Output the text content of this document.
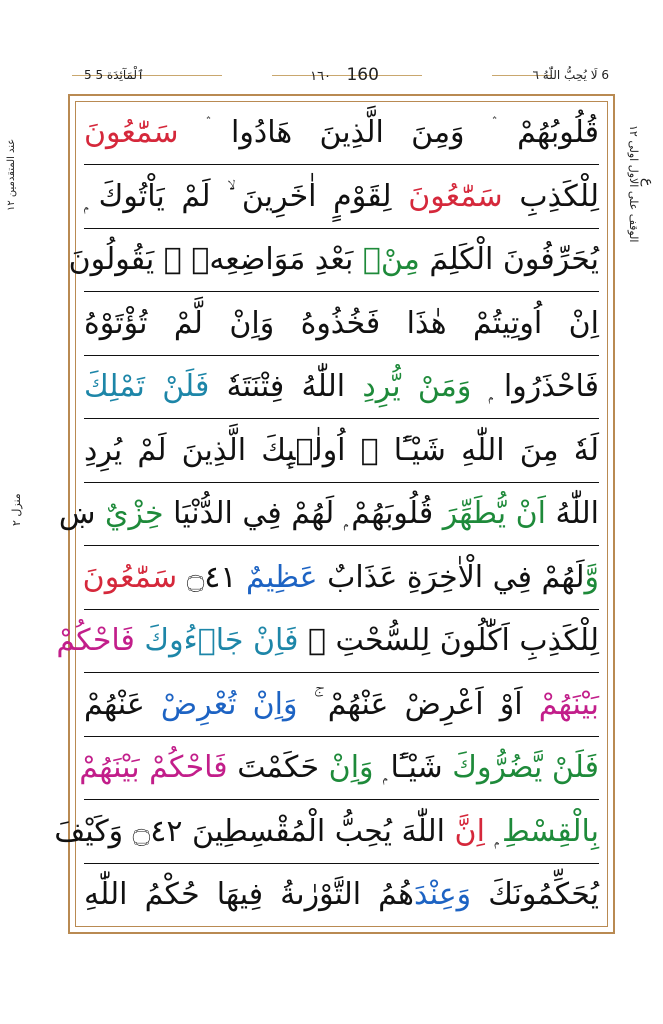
5 ٱلْمَآئِدَة 5	١٦٠ 160	6 لَا يُحِبُّ اللّٰهُ ٦
ع
الوقف على الاول اولى ١٢
عند المتقدمين ١٢
منزل ٢
قُلُوبُهُمْ ۛ وَمِنَ الَّذِينَ هَادُوا ۛ سَمّٰعُونَ
لِلْكَذِبِ سَمّٰعُونَ لِقَوْمٍ اٰخَرِينَ ۙ لَمْ يَاْتُوكَ ۭ
يُحَرِّفُونَ الْكَلِمَ مِنْۢ بَعْدِ مَوَاضِعِهٖ ۚ يَقُولُونَ
اِنْ اُوتِيتُمْ هٰذَا فَخُذُوهُ وَاِنْ لَّمْ تُؤْتَوْهُ
فَاحْذَرُوا ۭ وَمَنْ يُّرِدِ اللّٰهُ فِتْنَتَهٗ فَلَنْ تَمْلِكَ
لَهٗ مِنَ اللّٰهِ شَيْـًٔا ۭ اُولٰۗىِٕكَ الَّذِينَ لَمْ يُرِدِ
اللّٰهُ اَنْ يُّطَهِّرَ قُلُوبَهُمْ ۭ لَهُمْ فِي الدُّنْيَا خِزْيٌ ښ
وَّلَهُمْ فِي الْاٰخِرَةِ عَذَابٌ عَظِيمٌ ۝٤١ سَمّٰعُونَ
لِلْكَذِبِ اَكّٰلُونَ لِلسُّحْتِ ۭ فَاِنْ جَاۗءُوكَ فَاحْكُمْ
بَيْنَهُمْ اَوْ اَعْرِضْ عَنْهُمْ ۚ وَاِنْ تُعْرِضْ عَنْهُمْ
فَلَنْ يَّضُرُّوكَ شَيْـًٔا ۭ وَاِنْ حَكَمْتَ فَاحْكُمْ بَيْنَهُمْ
بِالْقِسْطِ ۭ اِنَّ اللّٰهَ يُحِبُّ الْمُقْسِطِينَ ۝٤٢ وَكَيْفَ
يُحَكِّمُونَكَ وَعِنْدَهُمُ التَّوْرٰىةُ فِيهَا حُكْمُ اللّٰهِ
